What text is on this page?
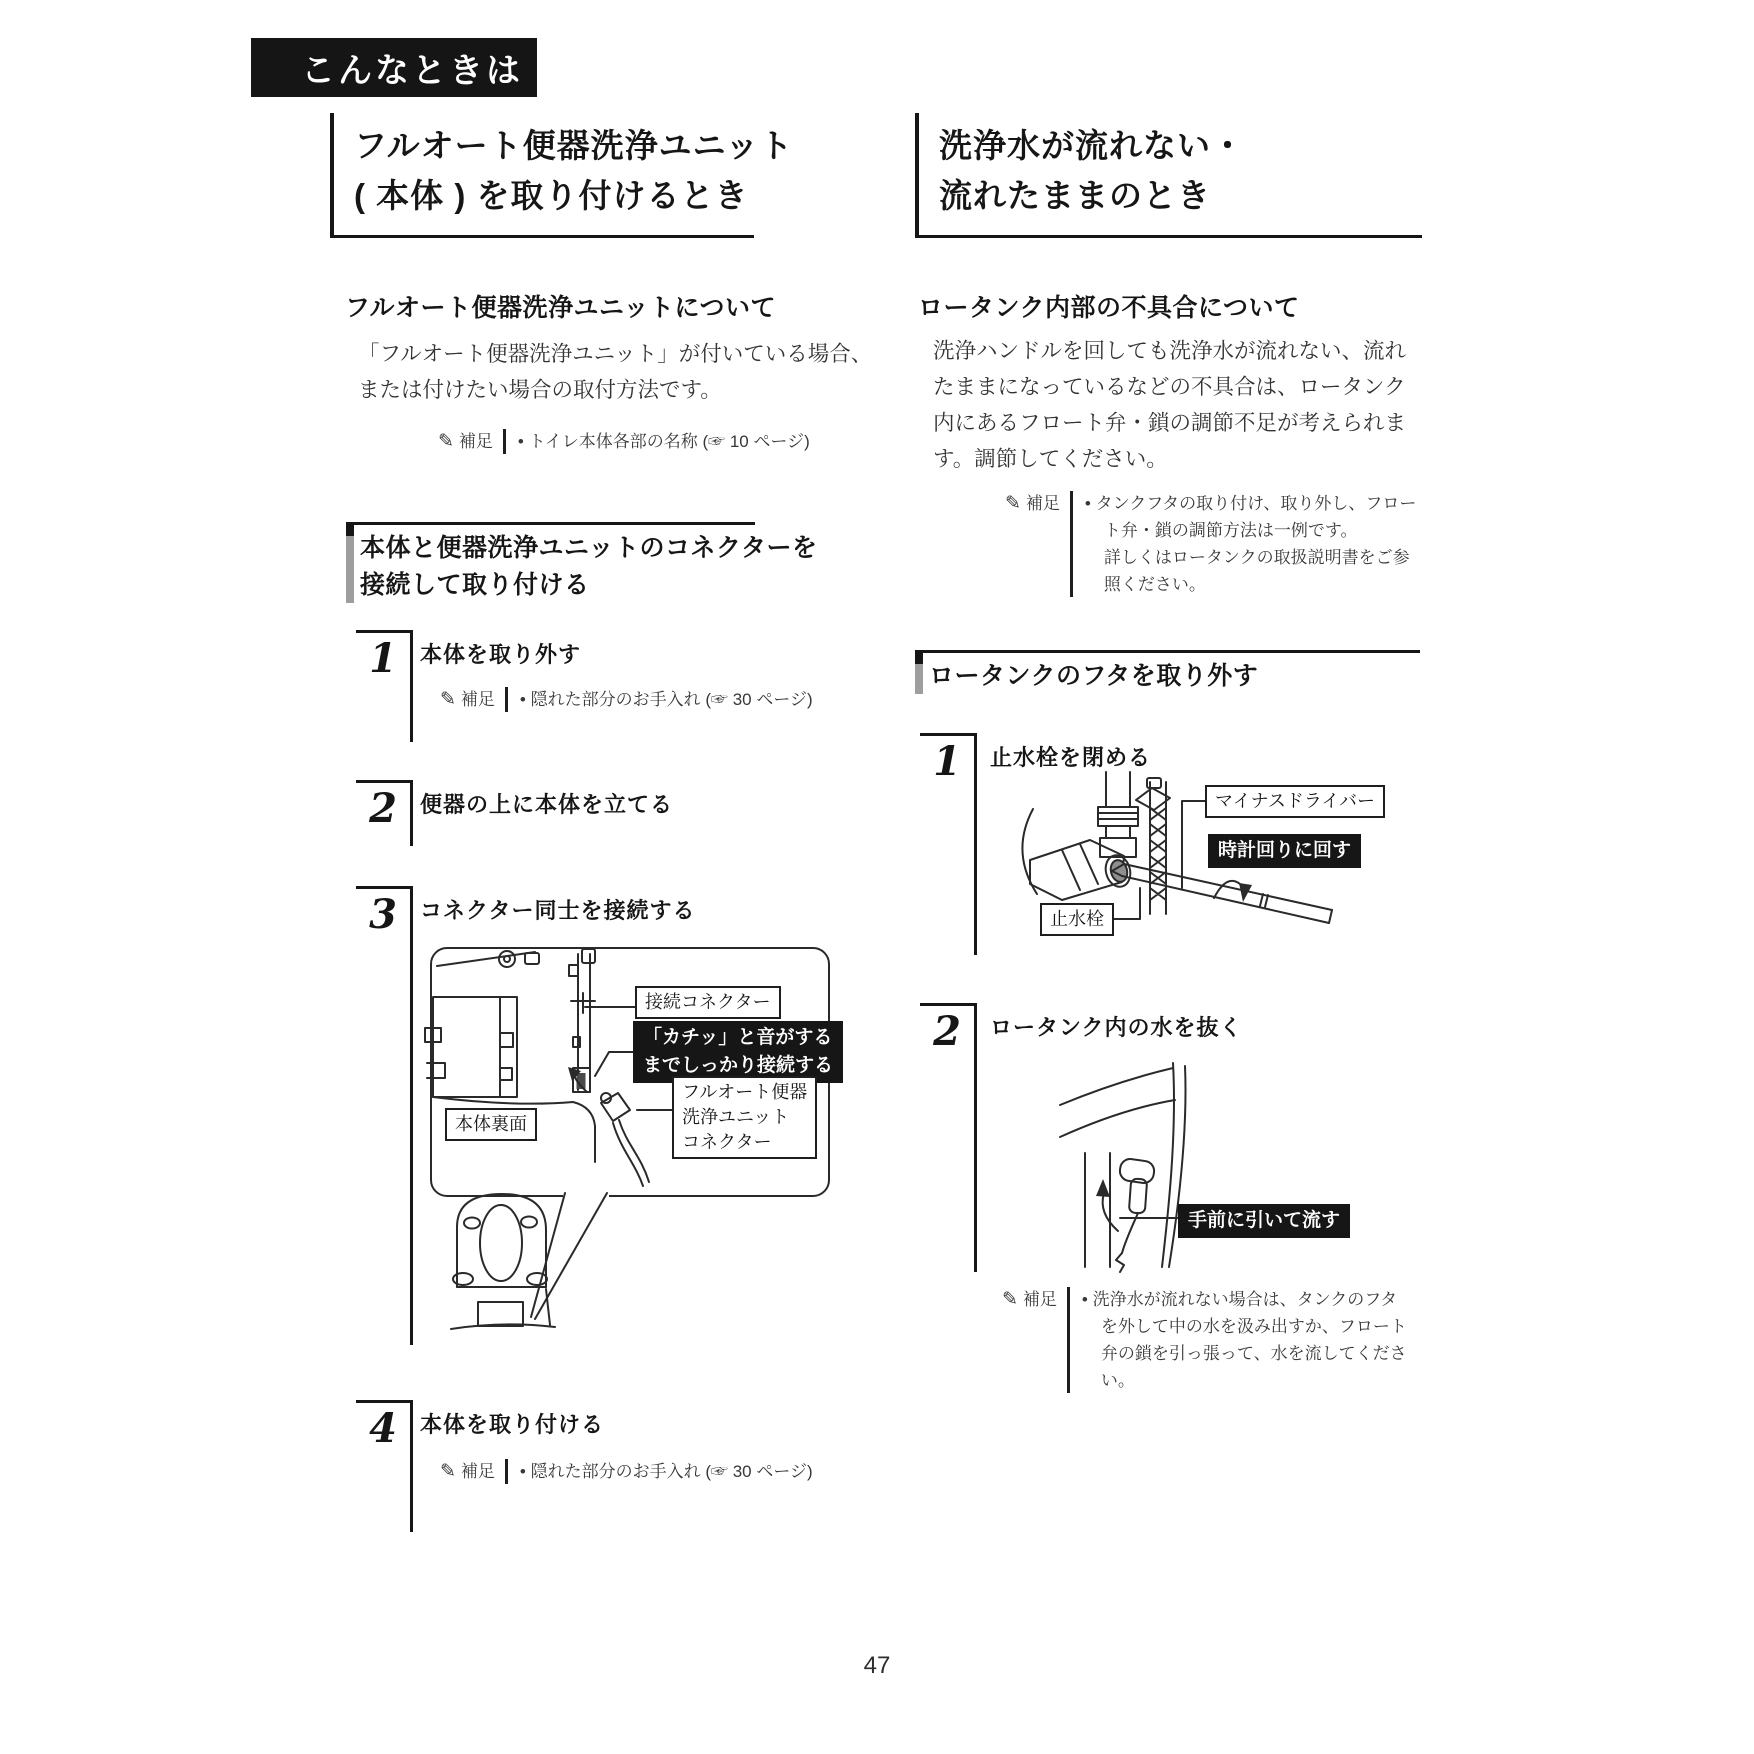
こんなときは
フルオート便器洗浄ユニット
( 本体 ) を取り付けるとき
洗浄水が流れない・
流れたままのとき
フルオート便器洗浄ユニットについて
「フルオート便器洗浄ユニット」が付いている場合、
または付けたい場合の取付方法です。
✎ 補足 • トイレ本体各部の名称 (☞ 10 ページ)
本体と便器洗浄ユニットのコネクターを
接続して取り付ける
1	本体を取り外す
✎ 補足 • 隠れた部分のお手入れ (☞ 30 ページ)
2	便器の上に本体を立てる
3	コネクター同士を接続する
接続コネクター
「カチッ」と音がする
までしっかり接続する
フルオート便器
洗浄ユニット
コネクター
本体裏面
4	本体を取り付ける
✎ 補足 • 隠れた部分のお手入れ (☞ 30 ページ)
ロータンク内部の不具合について
洗浄ハンドルを回しても洗浄水が流れない、流れ
たままになっているなどの不具合は、ロータンク
内にあるフロート弁・鎖の調節不足が考えられま
す。調節してください。
✎ 補足 • タンクフタの取り付け、取り外し、フロー
ト弁・鎖の調節方法は一例です。
詳しくはロータンクの取扱説明書をご参
照ください。
ロータンクのフタを取り外す
1	止水栓を閉める
マイナスドライバー
時計回りに回す
止水栓
2	ロータンク内の水を抜く
手前に引いて流す
✎ 補足 • 洗浄水が流れない場合は、タンクのフタ
を外して中の水を汲み出すか、フロート
弁の鎖を引っ張って、水を流してくださ
い。
47
